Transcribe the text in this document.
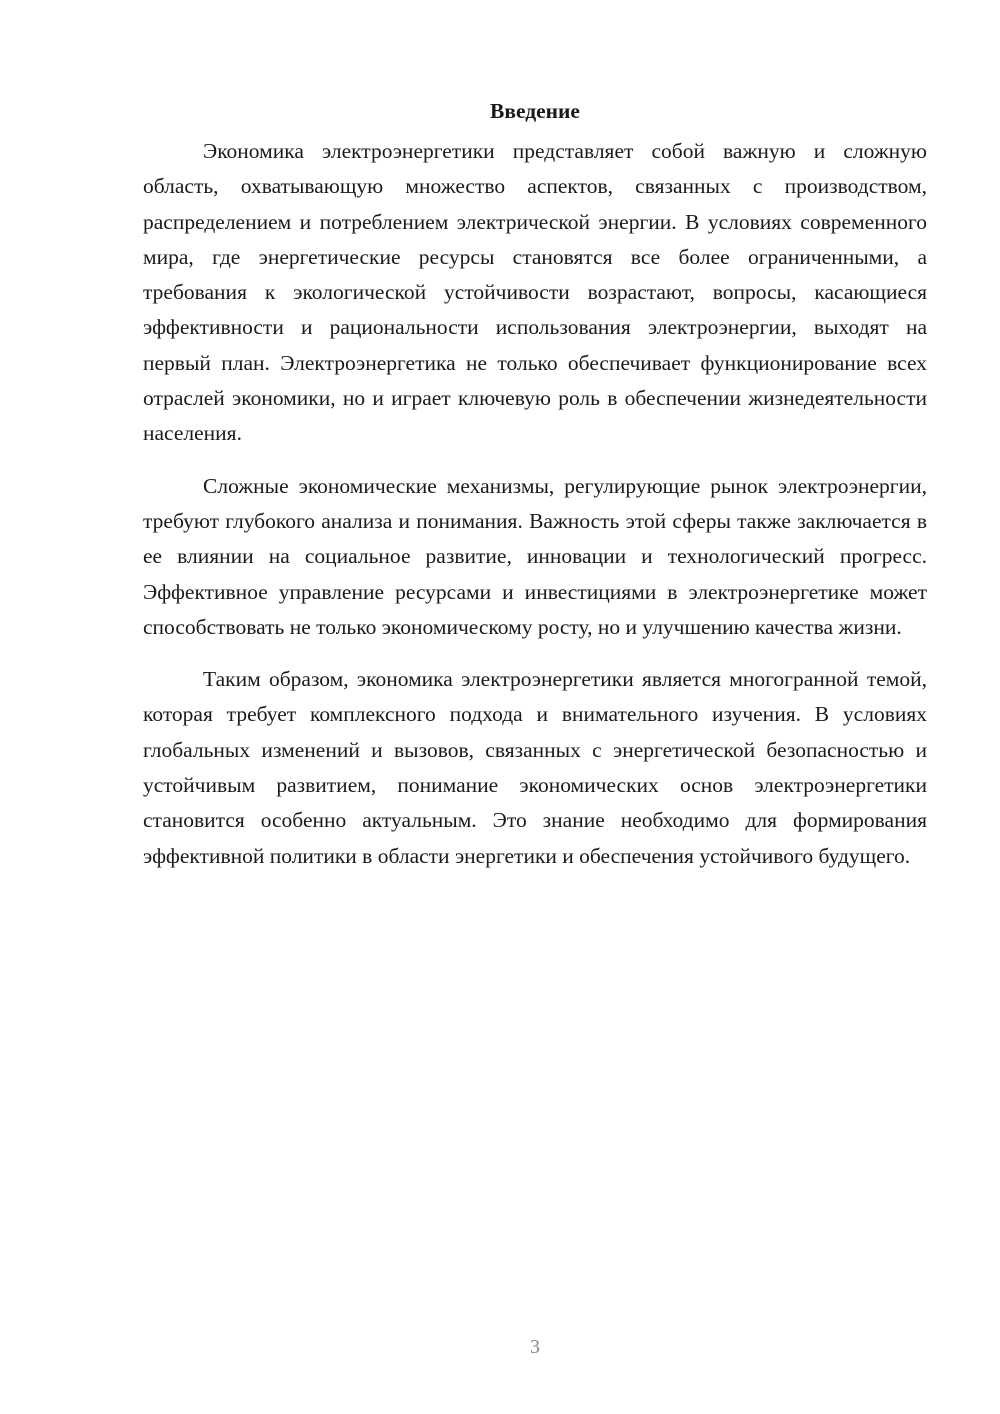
Введение

Экономика электроэнергетики представляет собой важную и сложную область, охватывающую множество аспектов, связанных с производством, распределением и потреблением электрической энергии. В условиях современного мира, где энергетические ресурсы становятся все более ограниченными, а требования к экологической устойчивости возрастают, вопросы, касающиеся эффективности и рациональности использования электроэнергии, выходят на первый план. Электроэнергетика не только обеспечивает функционирование всех отраслей экономики, но и играет ключевую роль в обеспечении жизнедеятельности населения.

Сложные экономические механизмы, регулирующие рынок электроэнергии, требуют глубокого анализа и понимания. Важность этой сферы также заключается в ее влиянии на социальное развитие, инновации и технологический прогресс. Эффективное управление ресурсами и инвестициями в электроэнергетике может способствовать не только экономическому росту, но и улучшению качества жизни.

Таким образом, экономика электроэнергетики является многогранной темой, которая требует комплексного подхода и внимательного изучения. В условиях глобальных изменений и вызовов, связанных с энергетической безопасностью и устойчивым развитием, понимание экономических основ электроэнергетики становится особенно актуальным. Это знание необходимо для формирования эффективной политики в области энергетики и обеспечения устойчивого будущего.

3
